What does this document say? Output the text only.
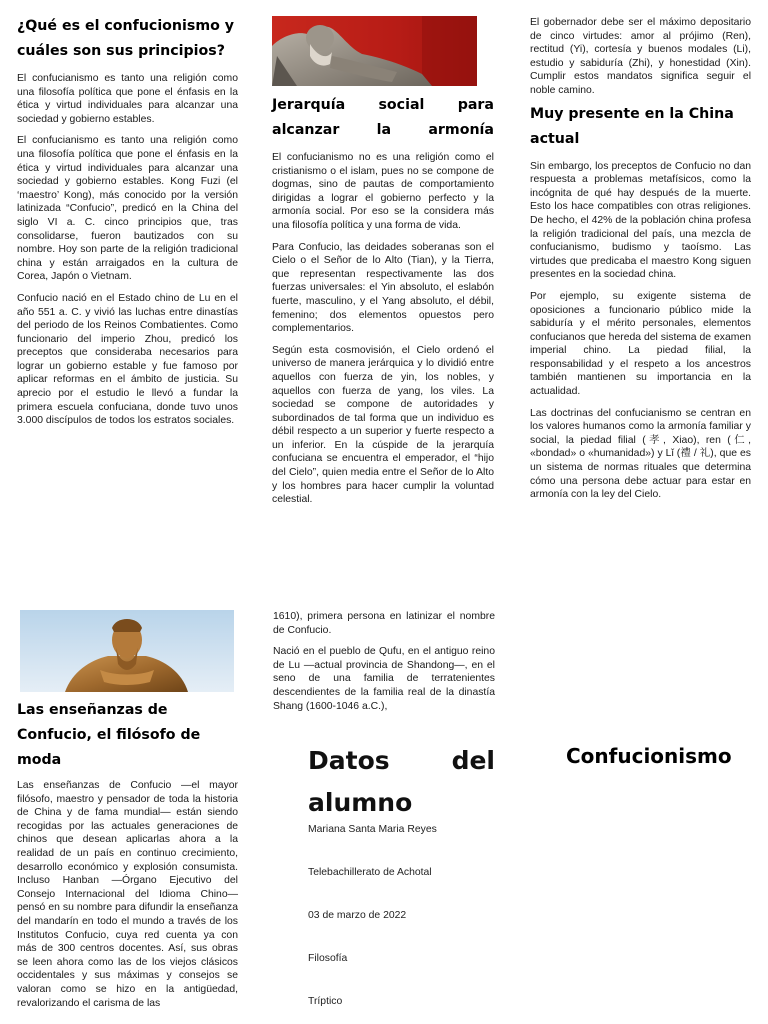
¿Qué es el confucionismo y cuáles son sus principios?

El confucianismo es tanto una religión como una filosofía política que pone el énfasis en la ética y virtud individuales para alcanzar una sociedad y gobierno estables.

El confucianismo es tanto una religión como una filosofía política que pone el énfasis en la ética y virtud individuales para alcanzar una sociedad y gobierno estables. Kong Fuzi (el ‘maestro’ Kong), más conocido por la versión latinizada “Confucio”, predicó en la China del siglo VI a. C. cinco principios que, tras consolidarse, fueron bautizados con su nombre. Hoy son parte de la religión tradicional china y están arraigados en la cultura de Corea, Japón o Vietnam.

Confucio nació en el Estado chino de Lu en el año 551 a. C. y vivió las luchas entre dinastías del periodo de los Reinos Combatientes. Como funcionario del imperio Zhou, predicó los preceptos que consideraba necesarios para lograr un gobierno estable y fue famoso por aplicar reformas en el ámbito de justicia. Su aprecio por el estudio le llevó a fundar la primera escuela confuciana, donde tuvo unos 3.000 discípulos de todos los estratos sociales.

Jerarquía social para alcanzar la armonía

El confucianismo no es una religión como el cristianismo o el islam, pues no se compone de dogmas, sino de pautas de comportamiento dirigidas a lograr el gobierno perfecto y la armonía social. Por eso se la considera más una filosofía política y una forma de vida.

Para Confucio, las deidades soberanas son el Cielo o el Señor de lo Alto (Tian), y la Tierra, que representan respectivamente las dos fuerzas universales: el Yin absoluto, el eslabón fuerte, masculino, y el Yang absoluto, el débil, femenino; dos elementos opuestos pero complementarios.

Según esta cosmovisión, el Cielo ordenó el universo de manera jerárquica y lo dividió entre aquellos con fuerza de yin, los nobles, y aquellos con fuerza de yang, los viles. La sociedad se compone de autoridades y subordinados de tal forma que un individuo es débil respecto a un superior y fuerte respecto a un inferior. En la cúspide de la jerarquía confuciana se encuentra el emperador, el “hijo del Cielo”, quien media entre el Señor de lo Alto y los hombres para hacer cumplir la voluntad celestial.

El gobernador debe ser el máximo depositario de cinco virtudes: amor al prójimo (Ren), rectitud (Yi), cortesía y buenos modales (Li), estudio y sabiduría (Zhi), y honestidad (Xin). Cumplir estos mandatos significa seguir el noble camino.

Muy presente en la China actual

Sin embargo, los preceptos de Confucio no dan respuesta a problemas metafísicos, como la incógnita de qué hay después de la muerte. Esto los hace compatibles con otras religiones. De hecho, el 42% de la población china profesa la religión tradicional del país, una mezcla de confucianismo, budismo y taoísmo. Las virtudes que predicaba el maestro Kong siguen presentes en la sociedad china.

Por ejemplo, su exigente sistema de oposiciones a funcionario público mide la sabiduría y el mérito personales, elementos confucianos que hereda del sistema de examen imperial chino. La piedad filial, la responsabilidad y el respeto a los ancestros también mantienen su importancia en la actualidad.

Las doctrinas del confucianismo se centran en los valores humanos como la armonía familiar y social, la piedad filial (孝, Xiao), ren (仁, «bondad» o «humanidad») y Lǐ (禮 / 礼), que es un sistema de normas rituales que determina cómo una persona debe actuar para estar en armonía con la ley del Cielo.

Las enseñanzas de Confucio, el filósofo de moda

Las enseñanzas de Confucio —el mayor filósofo, maestro y pensador de toda la historia de China y de fama mundial— están siendo recogidas por las actuales generaciones de chinos que desean aplicarlas ahora a la realidad de un país en continuo crecimiento, desarrollo económico y explosión consumista. Incluso Hanban —Órgano Ejecutivo del Consejo Internacional del Idioma Chino— pensó en su nombre para difundir la enseñanza del mandarín en todo el mundo a través de los Institutos Confucio, cuya red cuenta ya con más de 300 centros docentes. Así, sus obras se leen ahora como las de los viejos clásicos occidentales y sus máximas y consejos se valoran como se hizo en la antigüedad, revalorizando el carisma de las

1610), primera persona en latinizar el nombre de Confucio.

Nació en el pueblo de Qufu, en el antiguo reino de Lu —actual provincia de Shandong—, en el seno de una familia de terratenientes descendientes de la familia real de la dinastía Shang (1600-1046 a.C.),

Datos del alumno
Mariana Santa Maria Reyes
Telebachillerato de Achotal
03 de marzo de 2022
Filosofía
Tríptico
Confucionismo
